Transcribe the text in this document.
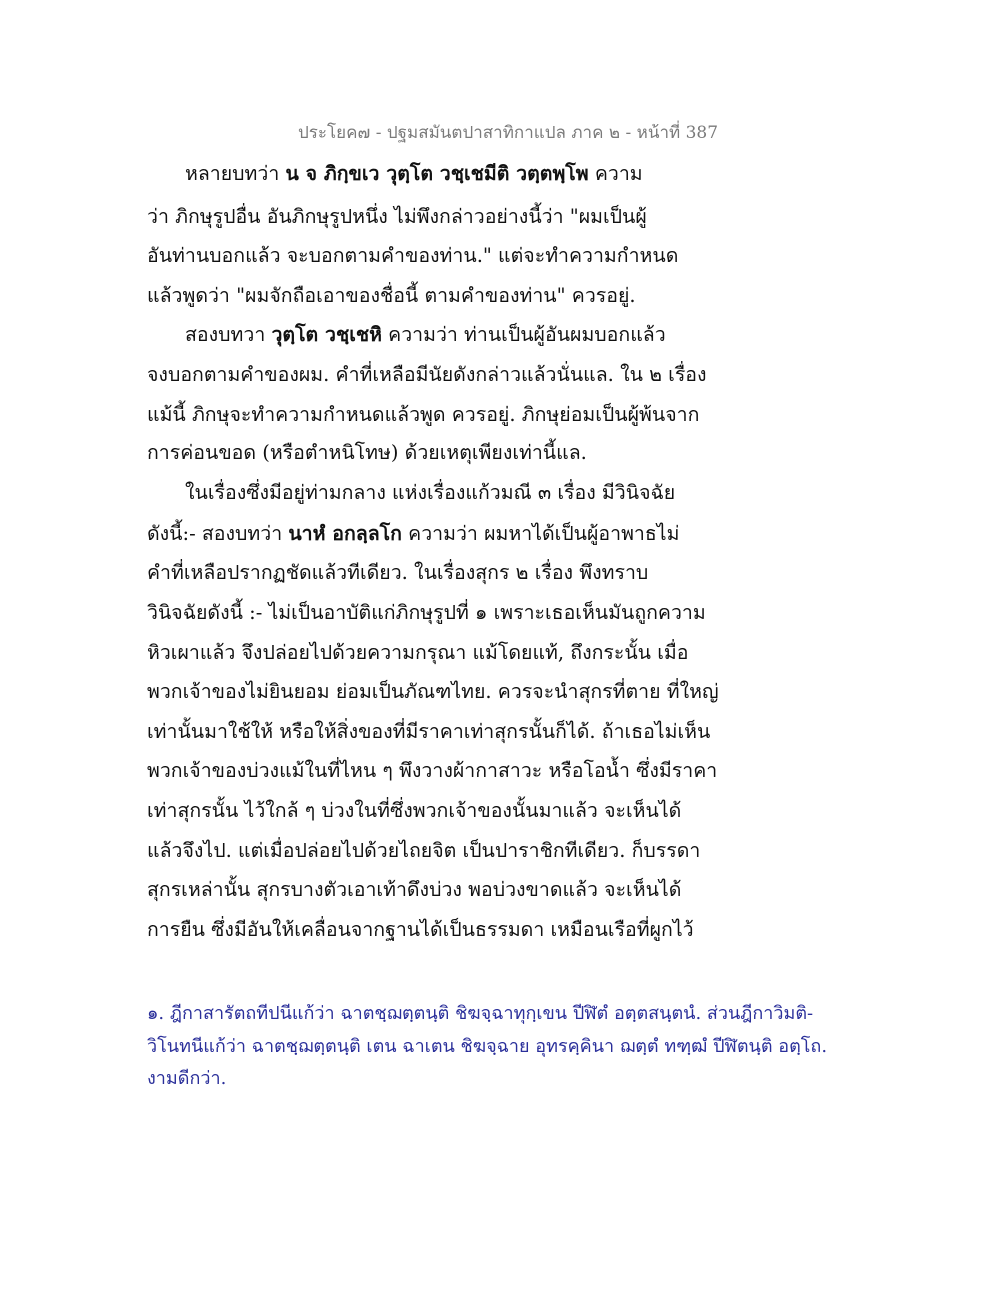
ประโยค๗ - ปฐมสมันตปาสาทิกาแปล ภาค ๒ - หน้าที่ 387
หลายบทว่า น จ ภิกฺขเว วุตฺโต วชฺเชมีติ วตฺตพฺโพ ความ
ว่า ภิกษุรูปอื่น อันภิกษุรูปหนึ่ง ไม่พึงกล่าวอย่างนี้ว่า "ผมเป็นผู้
อันท่านบอกแล้ว จะบอกตามคำของท่าน." แต่จะทำความกำหนด
แล้วพูดว่า "ผมจักถือเอาของชื่อนี้ ตามคำของท่าน" ควรอยู่.
สองบทวา วุตฺโต วชฺเชหิ ความว่า ท่านเป็นผู้อันผมบอกแล้ว
จงบอกตามคำของผม. คำที่เหลือมีนัยดังกล่าวแล้วนั่นแล. ใน ๒ เรื่อง
แม้นี้ ภิกษุจะทำความกำหนดแล้วพูด ควรอยู่. ภิกษุย่อมเป็นผู้พ้นจาก
การค่อนขอด (หรือตำหนิโทษ) ด้วยเหตุเพียงเท่านี้แล.
ในเรื่องซึ่งมีอยู่ท่ามกลาง แห่งเรื่องแก้วมณี ๓ เรื่อง มีวินิจฉัย
ดังนี้:- สองบทว่า นาหํ อกลฺลโก ความว่า ผมหาได้เป็นผู้อาพาธไม่
คำที่เหลือปรากฏชัดแล้วทีเดียว. ในเรื่องสุกร ๒ เรื่อง พึงทราบ
วินิจฉัยดังนี้ :- ไม่เป็นอาบัติแก่ภิกษุรูปที่ ๑ เพราะเธอเห็นมันถูกความ
หิวเผาแล้ว จึงปล่อยไปด้วยความกรุณา แม้โดยแท้, ถึงกระนั้น เมื่อ
พวกเจ้าของไม่ยินยอม ย่อมเป็นภัณฑไทย. ควรจะนำสุกรที่ตาย ที่ใหญ่
เท่านั้นมาใช้ให้ หรือให้สิ่งของที่มีราคาเท่าสุกรนั้นก็ได้. ถ้าเธอไม่เห็น
พวกเจ้าของบ่วงแม้ในที่ไหน ๆ พึงวางผ้ากาสาวะ หรือโอน้ำ ซึ่งมีราคา
เท่าสุกรนั้น ไว้ใกล้ ๆ บ่วงในที่ซึ่งพวกเจ้าของนั้นมาแล้ว จะเห็นได้
แล้วจึงไป. แต่เมื่อปล่อยไปด้วยไถยจิต เป็นปาราชิกทีเดียว. ก็บรรดา
สุกรเหล่านั้น สุกรบางตัวเอาเท้าดึงบ่วง พอบ่วงขาดแล้ว จะเห็นได้
การยืน ซึ่งมีอันให้เคลื่อนจากฐานได้เป็นธรรมดา เหมือนเรือที่ผูกไว้
๑. ฎีกาสารัตถทีปนีแก้ว่า ฉาตชฺฌตฺตนฺติ ชิฆจฺฉาทุกฺเขน ปีฬิตํ อตฺตสนฺตนํ. ส่วนฎีกาวิมติ-
วิโนทนีแก้ว่า ฉาตชฺฌตฺตนฺติ เตน ฉาเตน ชิฆจฺฉาย อุทรคฺคินา ฌตฺตํ ทฑฺฒํ ปีฬิตนฺติ อตฺโถ.
งามดีกว่า.
